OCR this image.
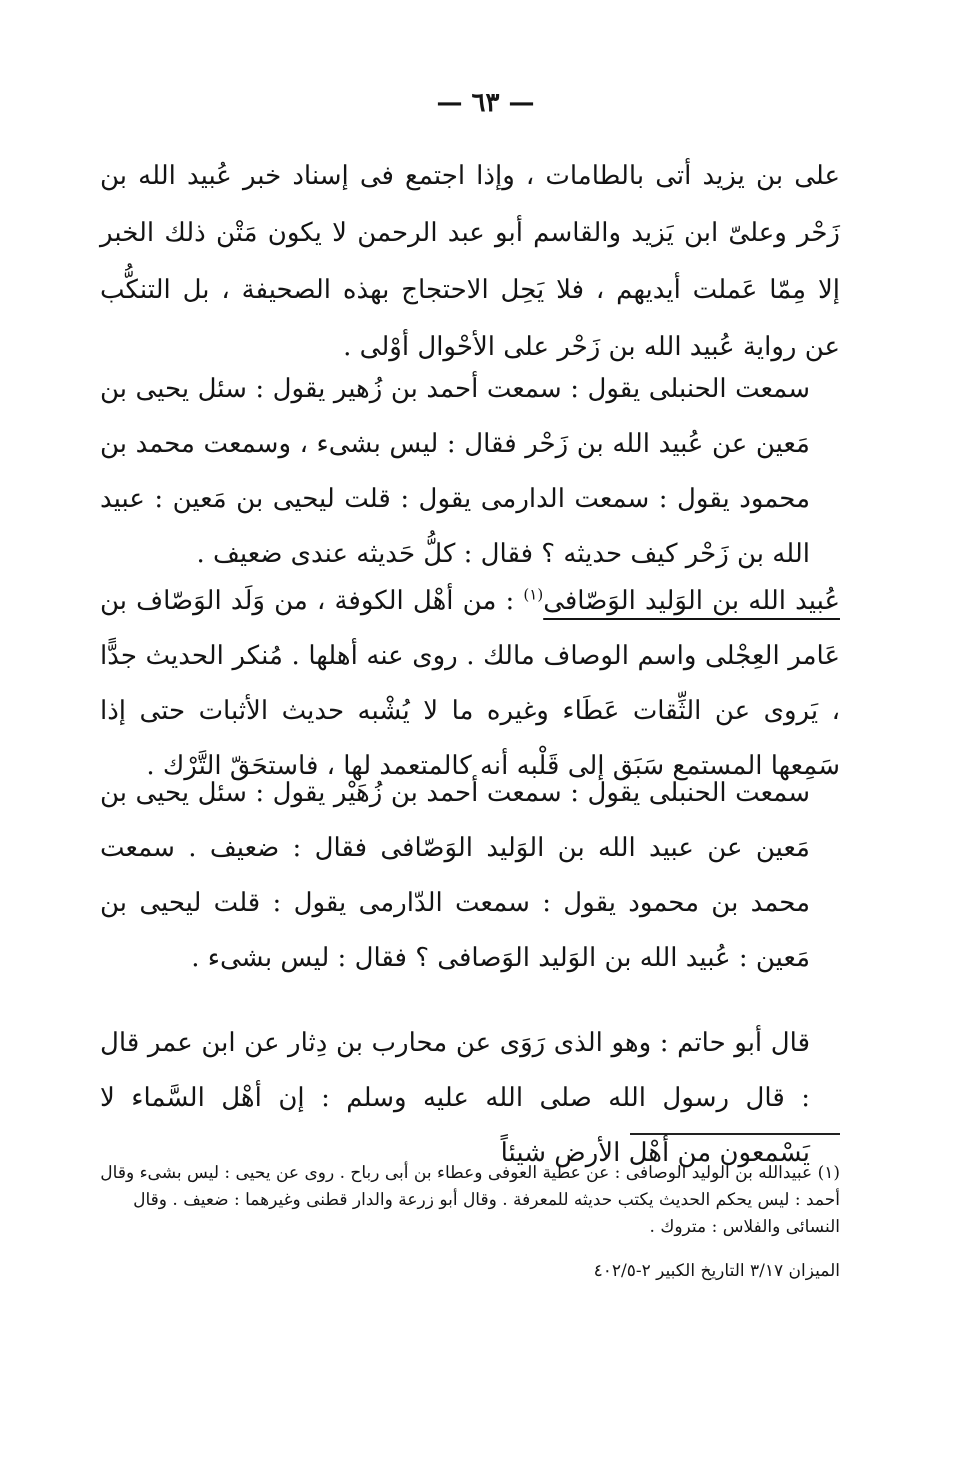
— ٦٣ —

على بن يزيد أتى بالطامات ، وإذا اجتمع فى إسناد خبر عُبيد الله بن زَحْر وعلىّ ابن يَزيد والقاسم أبو عبد الرحمن لا يكون مَتْن ذلك الخبر إلا مِمّا عَملت أيديهم ، فلا يَحِل الاحتجاج بهذه الصحيفة ، بل التنكُّب عن رواية عُبيد الله بن زَحْر على الأحْوال أوْلى .

سمعت الحنبلى يقول : سمعت أحمد بن زُهير يقول : سئل يحيى بن مَعين عن عُبيد الله بن زَحْر فقال : ليس بشىء ، وسمعت محمد بن محمود يقول : سمعت الدارمى يقول : قلت ليحيى بن مَعين : عبيد الله بن زَحْر كيف حديثه ؟ فقال : كلُّ حَديثه عندى ضعيف .

عُبيد الله بن الوَليد الوَصّافى$^{(١)}$ : من أهْل الكوفة ، من وَلَد الوَصّاف بن عَامر العِجْلى واسم الوصاف مالك . روى عنه أهلها . مُنكر الحديث جدًّا ، يَروى عن الثِّقات عَطَاء وغيره ما لا يُشْبه حديث الأثبات حتى إذا سَمِعها المستمع سَبَق إلى قَلْبه أنه كالمتعمد لها ، فاستحَقّ التَّرْك .

سمعت الحنبلى يقول : سمعت أحمد بن زُهَيْر يقول : سئل يحيى بن مَعين عن عبيد الله بن الوَليد الوَصّافى فقال : ضعيف . سمعت محمد بن محمود يقول : سمعت الدّارمى يقول : قلت ليحيى بن مَعين : عُبيد الله بن الوَليد الوَصافى ؟ فقال : ليس بشىء .

قال أبو حاتم : وهو الذى رَوَى عن محارب بن دِثار عن ابن عمر قال : قال رسول الله صلى الله عليه وسلم : إن أهْل السَّماء لا يَسْمعون من أهْل الأرض شيئاً

(١) عبيدالله بن الوليد الوصافى : عن عطية العوفى وعطاء بن أبى رباح . روى عن يحيى : ليس بشىء وقال أحمد : ليس يحكم الحديث يكتب حديثه للمعرفة . وقال أبو زرعة والدار قطنى وغيرهما : ضعيف . وقال النسائى والفلاس : متروك .

الميزان ٣/١٧ التاريخ الكبير ٢-٤٠٢/٥
